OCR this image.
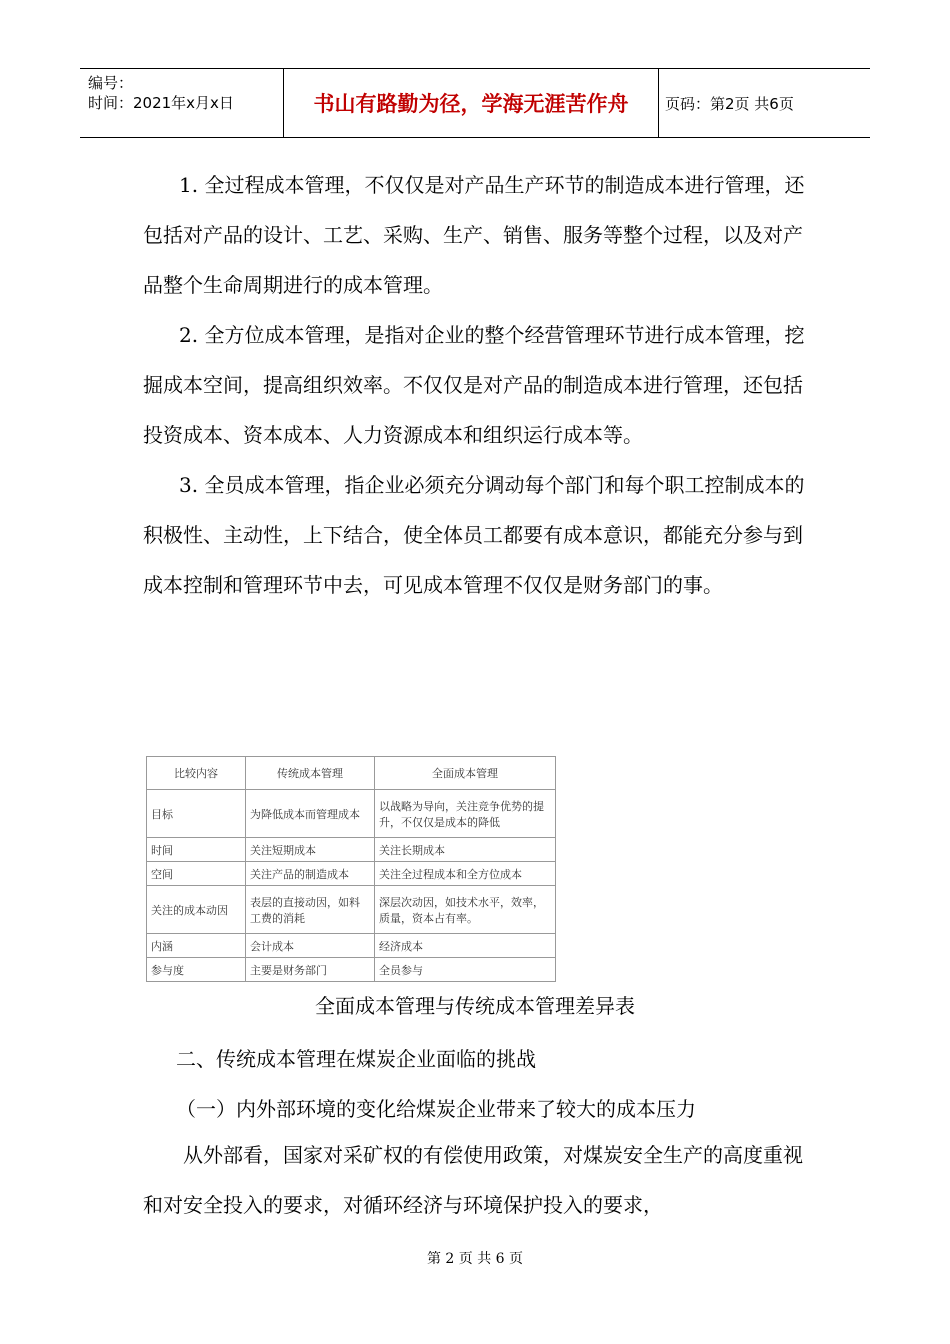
编号：
时间：2021年x月x日	书山有路勤为径，学海无涯苦作舟	页码：第2页 共6页

1. 全过程成本管理，不仅仅是对产品生产环节的制造成本进行管理，还包括对产品的设计、工艺、采购、生产、销售、服务等整个过程，以及对产品整个生命周期进行的成本管理。

2. 全方位成本管理，是指对企业的整个经营管理环节进行成本管理，挖掘成本空间，提高组织效率。不仅仅是对产品的制造成本进行管理，还包括投资成本、资本成本、人力资源成本和组织运行成本等。

3. 全员成本管理，指企业必须充分调动每个部门和每个职工控制成本的积极性、主动性，上下结合，使全体员工都要有成本意识，都能充分参与到成本控制和管理环节中去，可见成本管理不仅仅是财务部门的事。

比较内容	传统成本管理	全面成本管理
目标	为降低成本而管理成本	以战略为导向，关注竞争优势的提升，不仅仅是成本的降低
时间	关注短期成本	关注长期成本
空间	关注产品的制造成本	关注全过程成本和全方位成本
关注的成本动因	表层的直接动因，如料工费的消耗	深层次动因，如技术水平，效率，质量，资本占有率。
内涵	会计成本	经济成本
参与度	主要是财务部门	全员参与
全面成本管理与传统成本管理差异表
二、传统成本管理在煤炭企业面临的挑战
（一）内外部环境的变化给煤炭企业带来了较大的成本压力

从外部看，国家对采矿权的有偿使用政策，对煤炭安全生产的高度重视和对安全投入的要求，对循环经济与环境保护投入的要求，

第 2 页 共 6 页
